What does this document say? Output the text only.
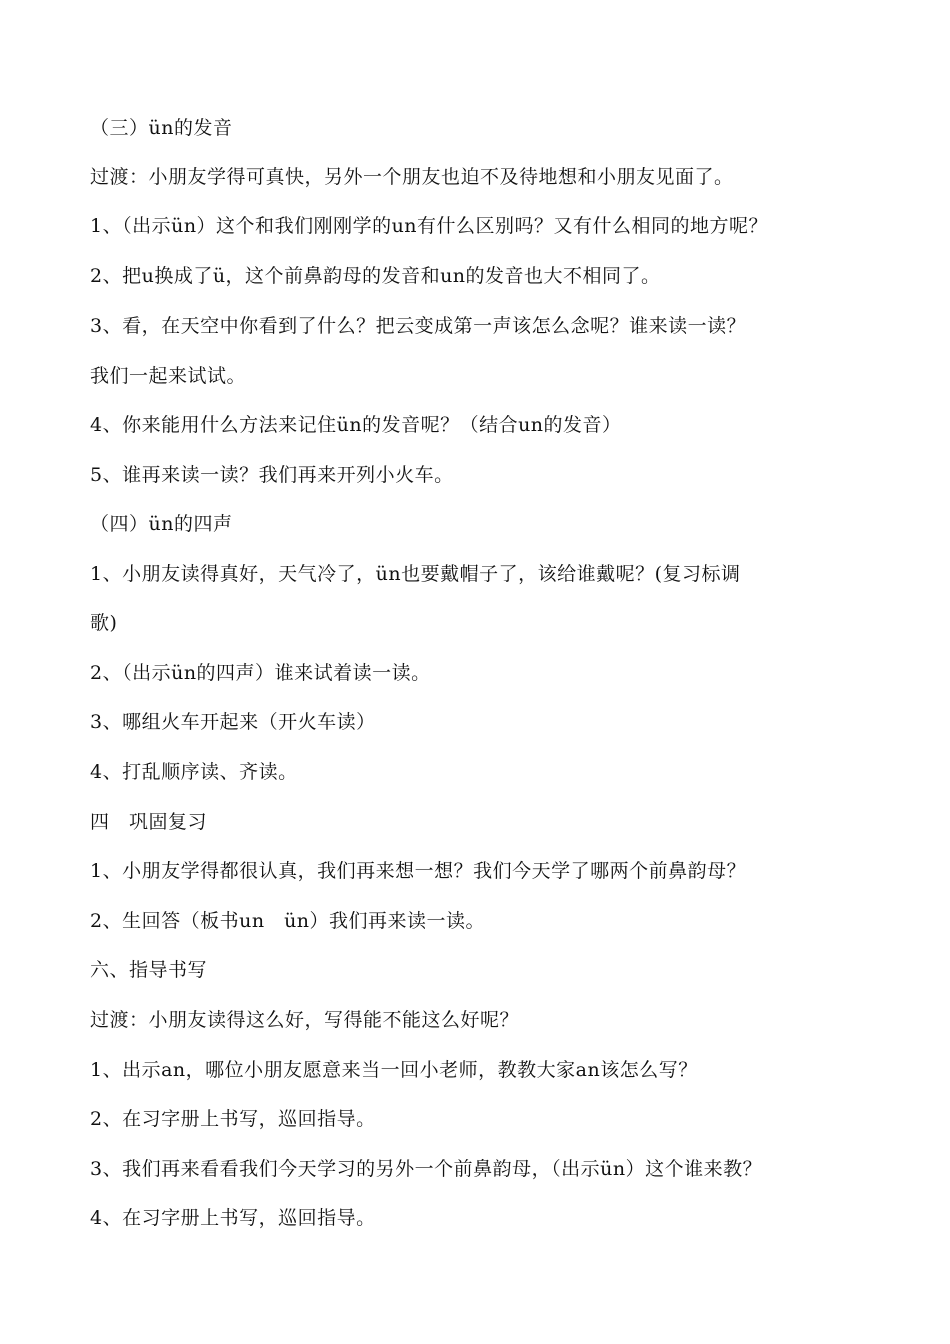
（三）ün的发音
过渡：小朋友学得可真快，另外一个朋友也迫不及待地想和小朋友见面了。
1、（出示ün）这个和我们刚刚学的un有什么区别吗？又有什么相同的地方呢？
2、把u换成了ü，这个前鼻韵母的发音和un的发音也大不相同了。
3、看，在天空中你看到了什么？把云变成第一声该怎么念呢？谁来读一读？
我们一起来试试。
4、你来能用什么方法来记住ün的发音呢？（结合un的发音）
5、谁再来读一读？我们再来开列小火车。
（四）ün的四声
1、小朋友读得真好，天气冷了，ün也要戴帽子了，该给谁戴呢？(复习标调
歌)
2、（出示ün的四声）谁来试着读一读。
3、哪组火车开起来（开火车读）
4、打乱顺序读、齐读。
四　巩固复习
1、小朋友学得都很认真，我们再来想一想？我们今天学了哪两个前鼻韵母？
2、生回答（板书un　ün）我们再来读一读。
六、指导书写
过渡：小朋友读得这么好，写得能不能这么好呢？
1、出示an，哪位小朋友愿意来当一回小老师，教教大家an该怎么写？
2、在习字册上书写，巡回指导。
3、我们再来看看我们今天学习的另外一个前鼻韵母，（出示ün）这个谁来教？
4、在习字册上书写，巡回指导。
